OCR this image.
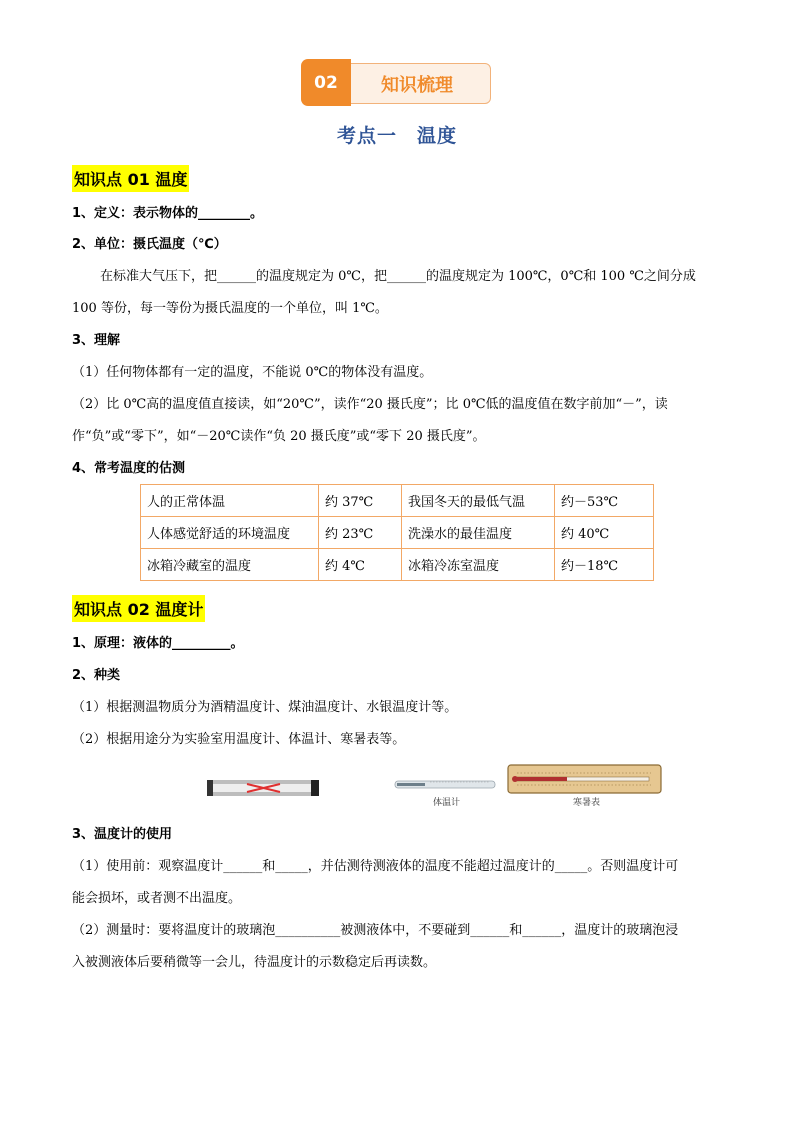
知识梳理
02
考点一　温度
知识点 01 温度
1、定义：表示物体的________。
2、单位：摄氏温度（℃）
在标准大气压下，把______的温度规定为 0℃，把______的温度规定为 100℃，0℃和 100 ℃之间分成
100 等份，每一等份为摄氏温度的一个单位，叫 1℃。
3、理解
（1）任何物体都有一定的温度，不能说 0℃的物体没有温度。
（2）比 0℃高的温度值直接读，如“20℃”，读作“20 摄氏度”；比 0℃低的温度值在数字前加“－”，读
作“负”或“零下”，如“－20℃读作“负 20 摄氏度”或“零下 20 摄氏度”。
4、常考温度的估测
人的正常体温	约 37℃	我国冬天的最低气温	约－53℃
人体感觉舒适的环境温度	约 23℃	洗澡水的最佳温度	约 40℃
冰箱冷藏室的温度	约 4℃	冰箱冷冻室温度	约－18℃
知识点 02 温度计
1、原理：液体的_________。
2、种类
（1）根据测温物质分为酒精温度计、煤油温度计、水银温度计等。
（2）根据用途分为实验室用温度计、体温计、寒暑表等。
体温计	寒暑表
3、温度计的使用
（1）使用前：观察温度计______和_____，并估测待测液体的温度不能超过温度计的_____。否则温度计可
能会损坏，或者测不出温度。
（2）测量时：要将温度计的玻璃泡__________被测液体中，不要碰到______和______，温度计的玻璃泡浸
入被测液体后要稍微等一会儿，待温度计的示数稳定后再读数。
